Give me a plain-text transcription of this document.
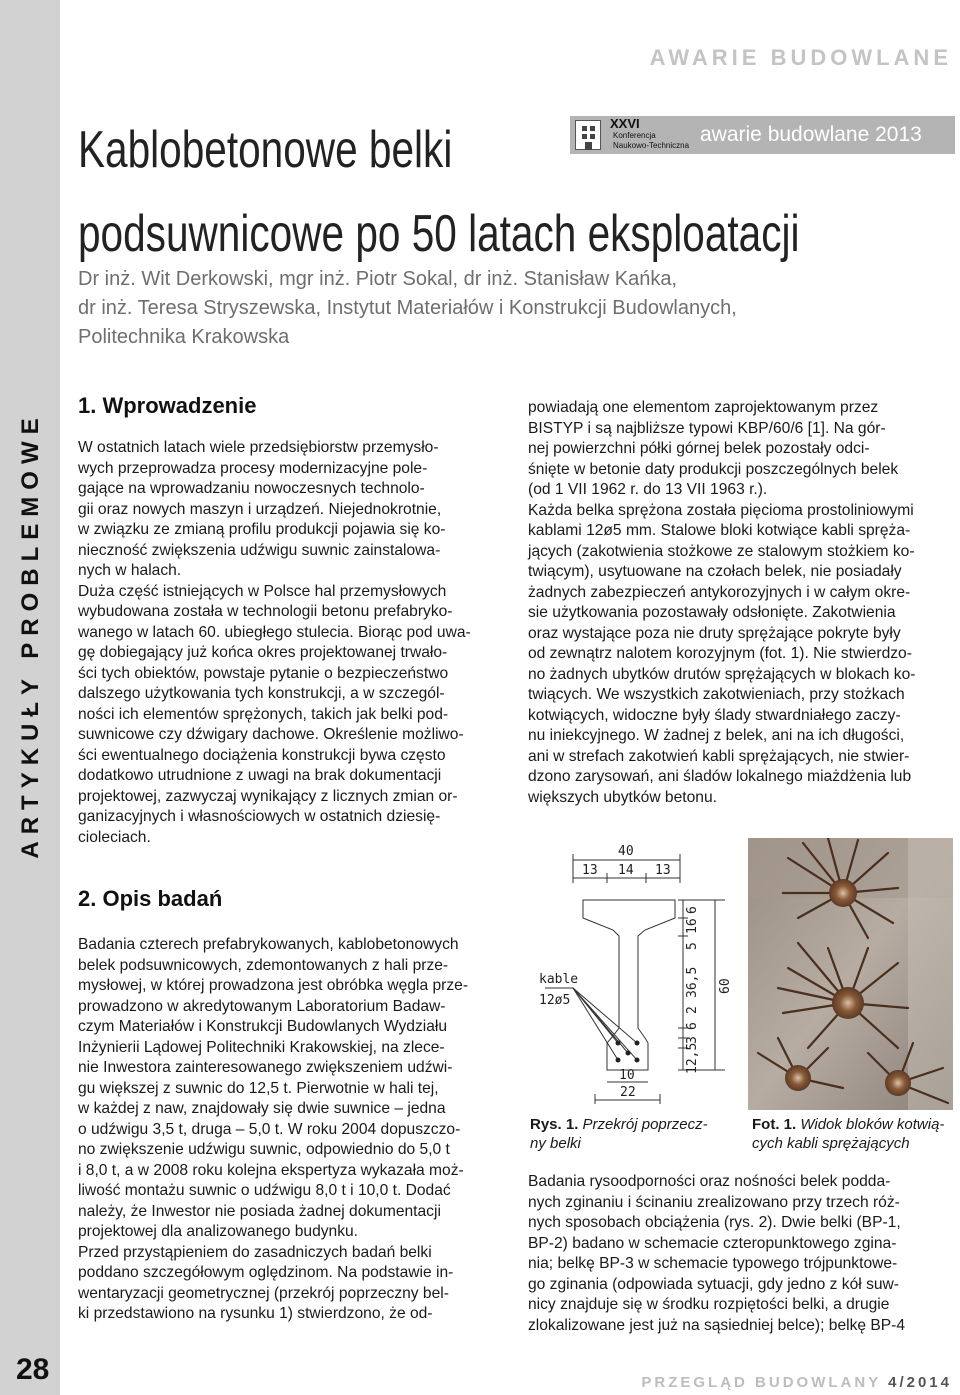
ARTYKUŁY PROBLEMOWE
28
AWARIE BUDOWLANE
Kablobetonowe belki
podsuwnicowe po 50 latach eksploatacji
XXVI
Konferencja
Naukowo-Techniczna awarie budowlane 2013
Dr inż. Wit Derkowski, mgr inż. Piotr Sokal, dr inż. Stanisław Kańka,
dr inż. Teresa Stryszewska, Instytut Materiałów i Konstrukcji Budowlanych,
Politechnika Krakowska
1. Wprowadzenie
W ostatnich latach wiele przedsiębiorstw przemysło-
wych przeprowadza procesy modernizacyjne pole-
gające na wprowadzaniu nowoczesnych technolo-
gii oraz nowych maszyn i urządzeń. Niejednokrotnie,
w związku ze zmianą profilu produkcji pojawia się ko-
nieczność zwiększenia udźwigu suwnic zainstalowa-
nych w halach.
Duża część istniejących w Polsce hal przemysłowych
wybudowana została w technologii betonu prefabryko-
wanego w latach 60. ubiegłego stulecia. Biorąc pod uwa-
gę dobiegający już końca okres projektowanej trwało-
ści tych obiektów, powstaje pytanie o bezpieczeństwo
dalszego użytkowania tych konstrukcji, a w szczegól-
ności ich elementów sprężonych, takich jak belki pod-
suwnicowe czy dźwigary dachowe. Określenie możliwo-
ści ewentualnego dociążenia konstrukcji bywa często
dodatkowo utrudnione z uwagi na brak dokumentacji
projektowej, zazwyczaj wynikający z licznych zmian or-
ganizacyjnych i własnościowych w ostatnich dziesię-
cioleciach.
2. Opis badań
Badania czterech prefabrykowanych, kablobetonowych
belek podsuwnicowych, zdemontowanych z hali prze-
mysłowej, w której prowadzona jest obróbka węgla prze-
prowadzono w akredytowanym Laboratorium Badaw-
czym Materiałów i Konstrukcji Budowlanych Wydziału
Inżynierii Lądowej Politechniki Krakowskiej, na zlece-
nie Inwestora zainteresowanego zwiększeniem udźwi-
gu większej z suwnic do 12,5 t. Pierwotnie w hali tej,
w każdej z naw, znajdowały się dwie suwnice – jedna
o udźwigu 3,5 t, druga – 5,0 t. W roku 2004 dopuszczo-
no zwiększenie udźwigu suwnic, odpowiednio do 5,0 t
i 8,0 t, a w 2008 roku kolejna ekspertyza wykazała moż-
liwość montażu suwnic o udźwigu 8,0 t i 10,0 t. Dodać
należy, że Inwestor nie posiada żadnej dokumentacji
projektowej dla analizowanego budynku.
Przed przystąpieniem do zasadniczych badań belki
poddano szczegółowym oględzinom. Na podstawie in-
wentaryzacji geometrycznej (przekrój poprzeczny bel-
ki przedstawiono na rysunku 1) stwierdzono, że od-
powiadają one elementom zaprojektowanym przez
BISTYP i są najbliższe typowi KBP/60/6 [1]. Na gór-
nej powierzchni półki górnej belek pozostały odci-
śnięte w betonie daty produkcji poszczególnych belek
(od 1 VII 1962 r. do 13 VII 1963 r.).
Każda belka sprężona została pięcioma prostoliniowymi
kablami 12ø5 mm. Stalowe bloki kotwiące kabli spręża-
jących (zakotwienia stożkowe ze stalowym stożkiem ko-
twiącym), usytuowane na czołach belek, nie posiadały
żadnych zabezpieczeń antykorozyjnych i w całym okre-
sie użytkowania pozostawały odsłonięte. Zakotwienia
oraz wystające poza nie druty sprężające pokryte były
od zewnątrz nalotem korozyjnym (fot. 1). Nie stwierdzo-
no żadnych ubytków drutów sprężających w blokach ko-
twiących. We wszystkich zakotwieniach, przy stożkach
kotwiących, widoczne były ślady stwardniałego zaczy-
nu iniekcyjnego. W żadnej z belek, ani na ich długości,
ani w strefach zakotwień kabli sprężających, nie stwier-
dzono zarysowań, ani śladów lokalnego miażdżenia lub
większych ubytków betonu.
40
13 14 13
kable
12ø5
10
22
6
16
5
36,5
2
6
3
12,5
60
Rys. 1. Przekrój poprzecz-
ny belki
Fot. 1. Widok bloków kotwią-
cych kabli sprężających
Badania rysoodporności oraz nośności belek podda-
nych zginaniu i ścinaniu zrealizowano przy trzech róż-
nych sposobach obciążenia (rys. 2). Dwie belki (BP-1,
BP-2) badano w schemacie czteropunktowego zgina-
nia; belkę BP-3 w schemacie typowego trójpunktowe-
go zginania (odpowiada sytuacji, gdy jedno z kół suw-
nicy znajduje się w środku rozpiętości belki, a drugie
zlokalizowane jest już na sąsiedniej belce); belkę BP-4
PRZEGLĄD BUDOWLANY 4/2014
